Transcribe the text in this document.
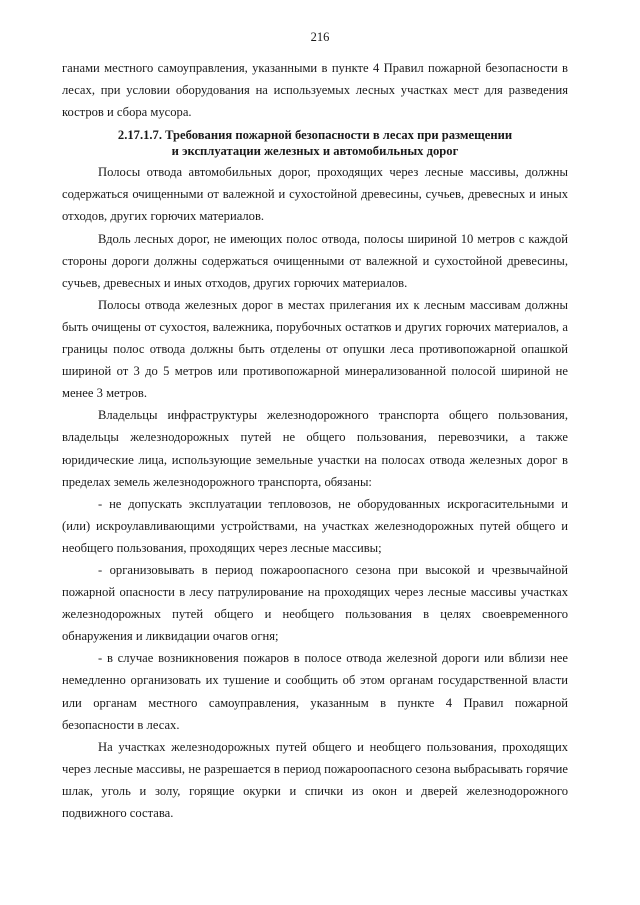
216

ганами местного самоуправления, указанными в пункте 4 Правил пожарной безопасности в лесах, при условии оборудования на используемых лесных участках мест для разведения костров и сбора мусора.

2.17.1.7. Требования пожарной безопасности в лесах при размещении
и эксплуатации железных и автомобильных дорог

Полосы отвода автомобильных дорог, проходящих через лесные массивы, должны содержаться очищенными от валежной и сухостойной древесины, сучьев, древесных и иных отходов, других горючих материалов.

Вдоль лесных дорог, не имеющих полос отвода, полосы шириной 10 метров с каждой стороны дороги должны содержаться очищенными от валежной и сухостойной древесины, сучьев, древесных и иных отходов, других горючих материалов.

Полосы отвода железных дорог в местах прилегания их к лесным массивам должны быть очищены от сухостоя, валежника, порубочных остатков и других горючих материалов, а границы полос отвода должны быть отделены от опушки леса противопожарной опашкой шириной от 3 до 5 метров или противопожарной минерализованной полосой шириной не менее 3 метров.

Владельцы инфраструктуры железнодорожного транспорта общего пользования, владельцы железнодорожных путей не общего пользования, перевозчики, а также юридические лица, использующие земельные участки на полосах отвода железных дорог в пределах земель железнодорожного транспорта, обязаны:

- не допускать эксплуатации тепловозов, не оборудованных искрогасительными и (или) искроулавливающими устройствами, на участках железнодорожных путей общего и необщего пользования, проходящих через лесные массивы;

- организовывать в период пожароопасного сезона при высокой и чрезвычайной пожарной опасности в лесу патрулирование на проходящих через лесные массивы участках железнодорожных путей общего и необщего пользования в целях своевременного обнаружения и ликвидации очагов огня;

- в случае возникновения пожаров в полосе отвода железной дороги или вблизи нее немедленно организовать их тушение и сообщить об этом органам государственной власти или органам местного самоуправления, указанным в пункте 4 Правил пожарной безопасности в лесах.

На участках железнодорожных путей общего и необщего пользования, проходящих через лесные массивы, не разрешается в период пожароопасного сезона выбрасывать горячие шлак, уголь и золу, горящие окурки и спички из окон и дверей железнодорожного подвижного состава.
